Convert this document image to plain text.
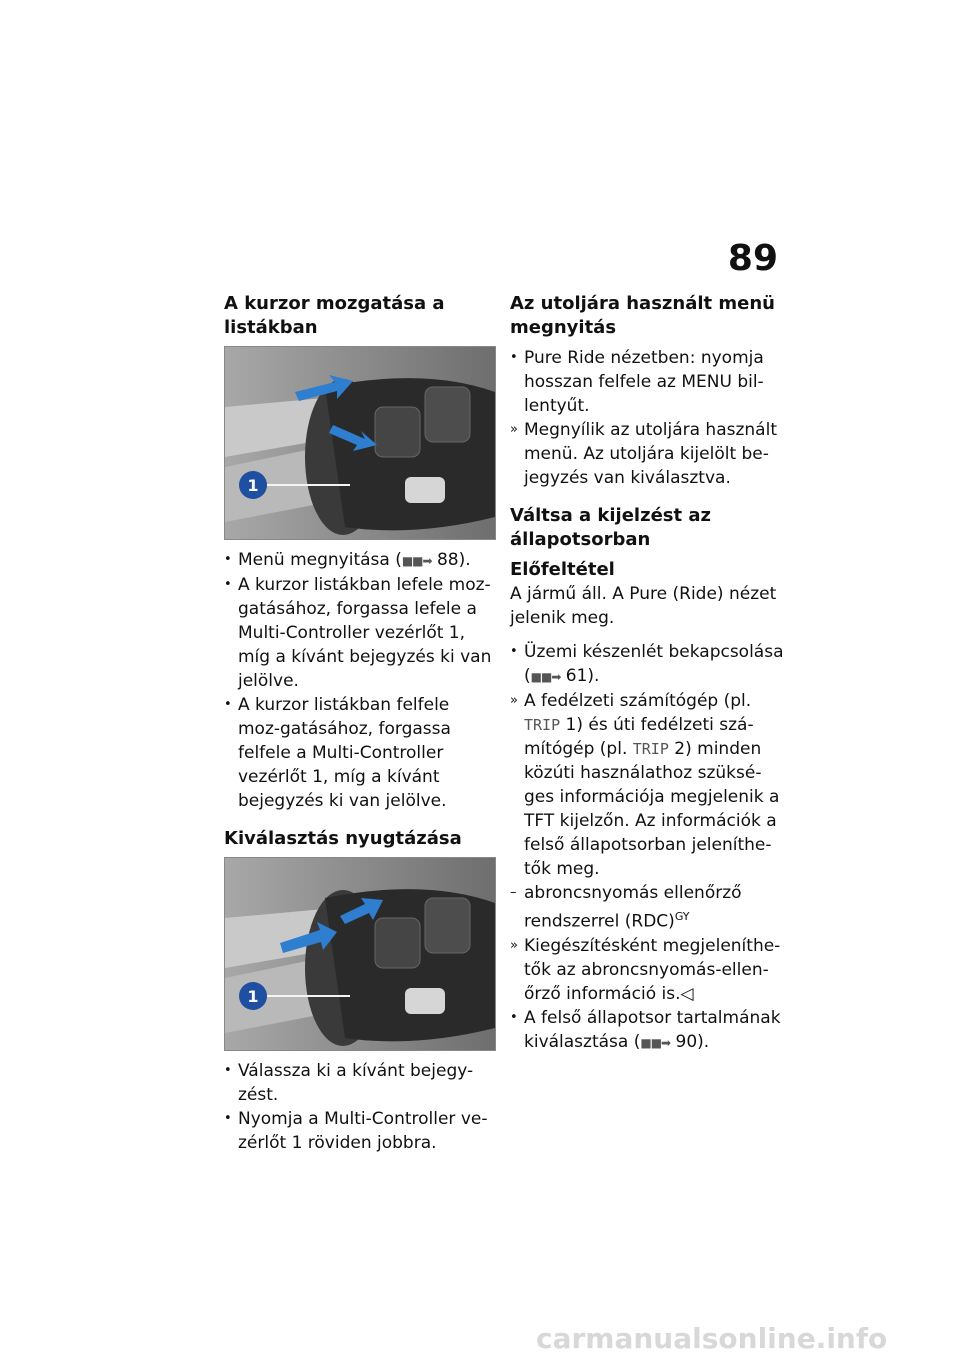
89
A kurzor mozgatása a listákban
1
• Menü megnyitása (■■➡ 88).
• A kurzor listákban lefele moz-gatásához, forgassa lefele a Multi-Controller vezérlőt 1, míg a kívánt bejegyzés ki van jelölve.
• A kurzor listákban felfele moz-gatásához, forgassa felfele a Multi-Controller vezérlőt 1, míg a kívánt bejegyzés ki van jelölve.
Kiválasztás nyugtázása
1
• Válassza ki a kívánt bejegy-zést.
• Nyomja a Multi-Controller ve-zérlőt 1 röviden jobbra.
Az utoljára használt menü megnyitás
• Pure Ride nézetben: nyomja hosszan felfele az MENU bil-lentyűt.
» Megnyílik az utoljára használt menü. Az utoljára kijelölt be-jegyzés van kiválasztva.
Váltsa a kijelzést az állapotsorban
Előfeltétel

A jármű áll. A Pure (Ride) nézet jelenik meg.

• Üzemi készenlét bekapcsolása (■■➡ 61).
» A fedélzeti számítógép (pl. TRIP 1) és úti fedélzeti szá-mítógép (pl. TRIP 2) minden közúti használathoz szüksé-ges információja megjelenik a TFT kijelzőn. Az információk a felső állapotsorban jeleníthe-tők meg.
– abroncsnyomás ellenőrző rendszerrel (RDC)$^{GY}$
» Kiegészítésként megjeleníthe-tők az abroncsnyomás-ellen-őrző információ is.◁
• A felső állapotsor tartalmának kiválasztása (■■➡ 90).
carmanualsonline.info
